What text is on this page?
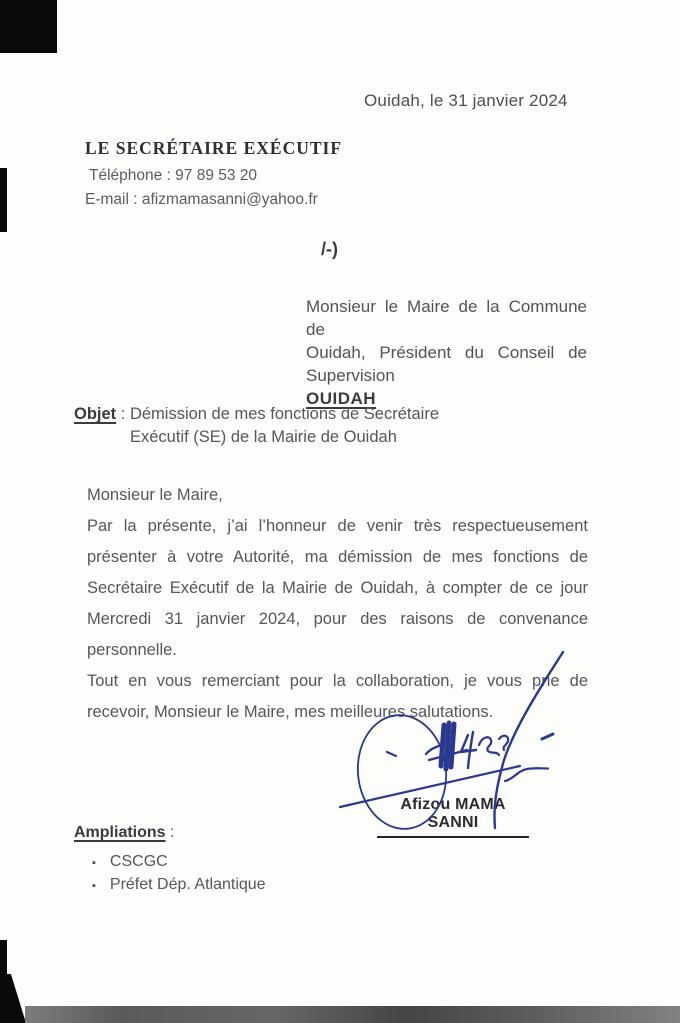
Ouidah, le 31 janvier 2024
LE SECRÉTAIRE EXÉCUTIF
Téléphone : 97 89 53 20
E-mail : afizmamasanni@yahoo.fr
/-)
Monsieur le Maire de la Commune de
Ouidah, Président du Conseil de
Supervision
OUIDAH
Objet : Démission de mes fonctions de Secrétaire
Exécutif (SE) de la Mairie de Ouidah
Monsieur le Maire,
Par la présente, j’ai l’honneur de venir très respectueusement
présenter à votre Autorité, ma démission de mes fonctions de
Secrétaire Exécutif de la Mairie de Ouidah, à compter de ce jour
Mercredi 31 janvier 2024, pour des raisons de convenance
personnelle.
Tout en vous remerciant pour la collaboration, je vous prie de
recevoir, Monsieur le Maire, mes meilleures salutations.
Afizou MAMA SANNI
Ampliations :
▪ CSCGC
▪ Préfet Dép. Atlantique
